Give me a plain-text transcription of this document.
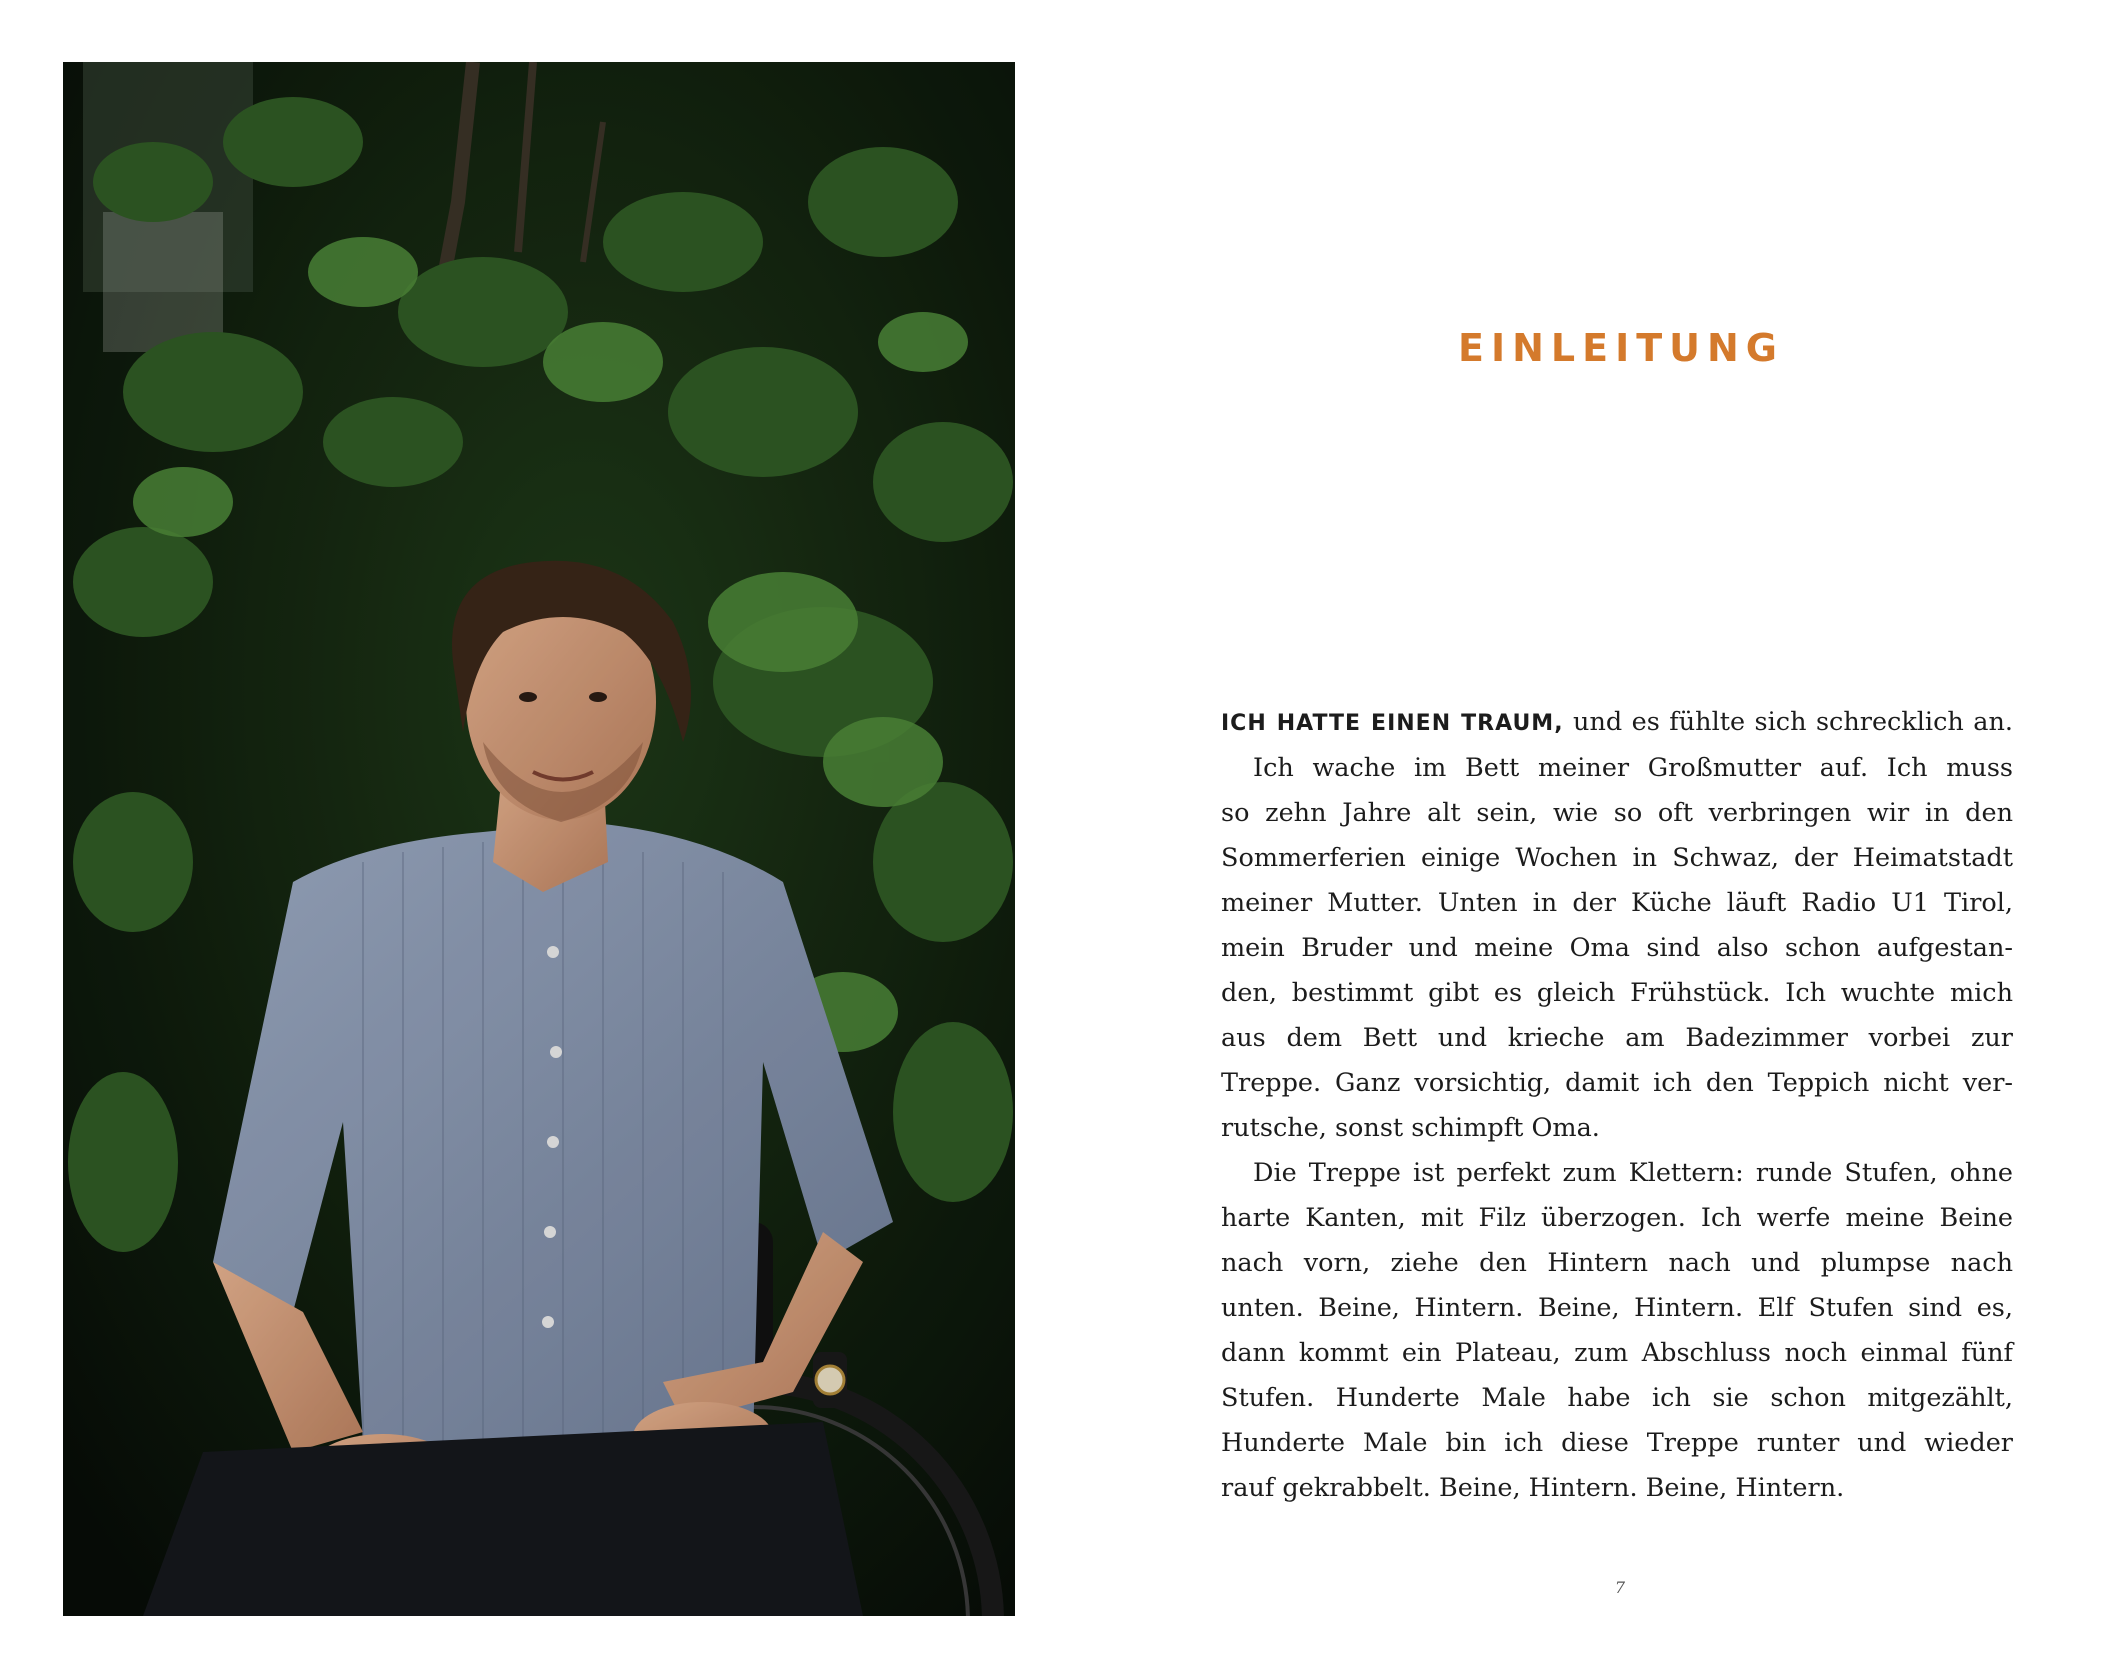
EINLEITUNG
ICH HATTE EINEN TRAUM, und es fühlte sich schrecklich an.
Ich wache im Bett meiner Großmutter auf. Ich muss
so zehn Jahre alt sein, wie so oft verbringen wir in den
Sommerferien einige Wochen in Schwaz, der Heimatstadt
meiner Mutter. Unten in der Küche läuft Radio U1 Tirol,
mein Bruder und meine Oma sind also schon aufgestan-
den, bestimmt gibt es gleich Frühstück. Ich wuchte mich
aus dem Bett und krieche am Badezimmer vorbei zur
Treppe. Ganz vorsichtig, damit ich den Teppich nicht ver-
rutsche, sonst schimpft Oma.
Die Treppe ist perfekt zum Klettern: runde Stufen, ohne
harte Kanten, mit Filz überzogen. Ich werfe meine Beine
nach vorn, ziehe den Hintern nach und plumpse nach
unten. Beine, Hintern. Beine, Hintern. Elf Stufen sind es,
dann kommt ein Plateau, zum Abschluss noch einmal fünf
Stufen. Hunderte Male habe ich sie schon mitgezählt,
Hunderte Male bin ich diese Treppe runter und wieder
rauf gekrabbelt. Beine, Hintern. Beine, Hintern.
7
